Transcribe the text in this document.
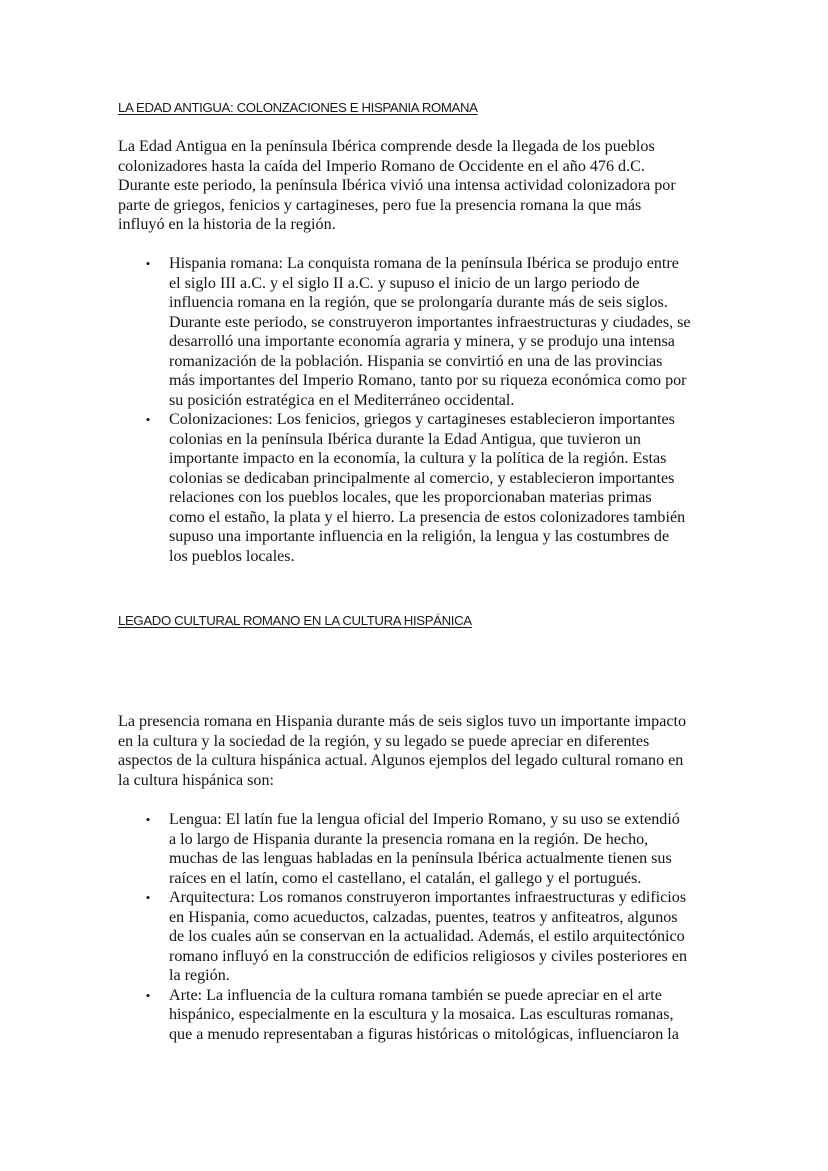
LA EDAD ANTIGUA: COLONZACIONES E HISPANIA ROMANA

La Edad Antigua en la península Ibérica comprende desde la llegada de los pueblos
colonizadores hasta la caída del Imperio Romano de Occidente en el año 476 d.C.
Durante este periodo, la península Ibérica vivió una intensa actividad colonizadora por
parte de griegos, fenicios y cartagineses, pero fue la presencia romana la que más
influyó en la historia de la región.

• Hispania romana: La conquista romana de la península Ibérica se produjo entre
el siglo III a.C. y el siglo II a.C. y supuso el inicio de un largo periodo de
influencia romana en la región, que se prolongaría durante más de seis siglos.
Durante este periodo, se construyeron importantes infraestructuras y ciudades, se
desarrolló una importante economía agraria y minera, y se produjo una intensa
romanización de la población. Hispania se convirtió en una de las provincias
más importantes del Imperio Romano, tanto por su riqueza económica como por
su posición estratégica en el Mediterráneo occidental.
• Colonizaciones: Los fenicios, griegos y cartagineses establecieron importantes
colonias en la península Ibérica durante la Edad Antigua, que tuvieron un
importante impacto en la economía, la cultura y la política de la región. Estas
colonias se dedicaban principalmente al comercio, y establecieron importantes
relaciones con los pueblos locales, que les proporcionaban materias primas
como el estaño, la plata y el hierro. La presencia de estos colonizadores también
supuso una importante influencia en la religión, la lengua y las costumbres de
los pueblos locales.
LEGADO CULTURAL ROMANO EN LA CULTURA HISPÁNICA

La presencia romana en Hispania durante más de seis siglos tuvo un importante impacto
en la cultura y la sociedad de la región, y su legado se puede apreciar en diferentes
aspectos de la cultura hispánica actual. Algunos ejemplos del legado cultural romano en
la cultura hispánica son:

• Lengua: El latín fue la lengua oficial del Imperio Romano, y su uso se extendió
a lo largo de Hispania durante la presencia romana en la región. De hecho,
muchas de las lenguas habladas en la península Ibérica actualmente tienen sus
raíces en el latín, como el castellano, el catalán, el gallego y el portugués.
• Arquitectura: Los romanos construyeron importantes infraestructuras y edificios
en Hispania, como acueductos, calzadas, puentes, teatros y anfiteatros, algunos
de los cuales aún se conservan en la actualidad. Además, el estilo arquitectónico
romano influyó en la construcción de edificios religiosos y civiles posteriores en
la región.
• Arte: La influencia de la cultura romana también se puede apreciar en el arte
hispánico, especialmente en la escultura y la mosaica. Las esculturas romanas,
que a menudo representaban a figuras históricas o mitológicas, influenciaron la
